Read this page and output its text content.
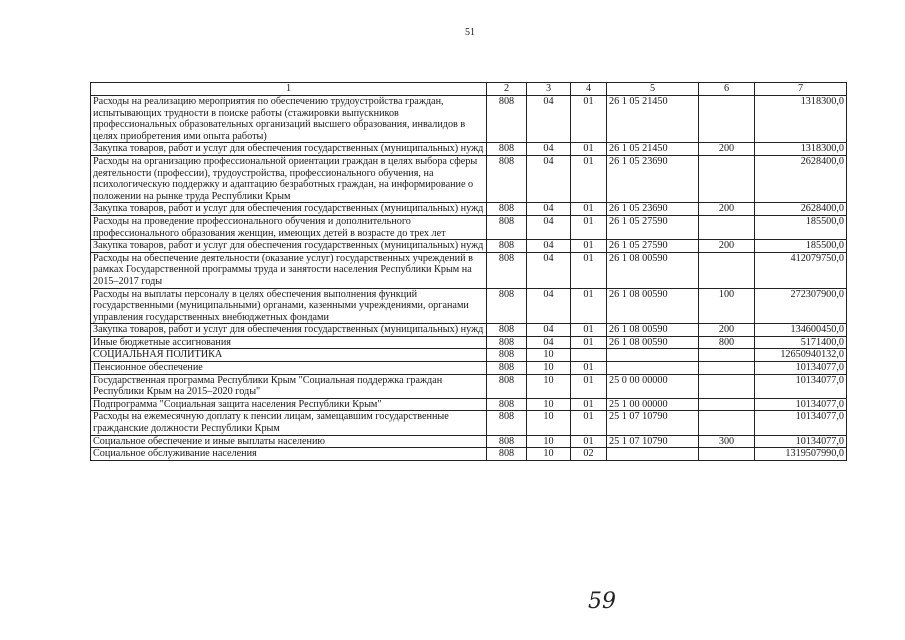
51
1	2	3	4	5	6	7
Расходы на реализацию мероприятия по обеспечению трудоустройства граждан, испытывающих трудности в поиске работы (стажировки выпускников профессиональных образовательных организаций высшего образования, инвалидов в целях приобретения ими опыта работы)	808	04	01	26 1 05 21450		1318300,0
Закупка товаров, работ и услуг для обеспечения государственных (муниципальных) нужд	808	04	01	26 1 05 21450	200	1318300,0
Расходы на организацию профессиональной ориентации граждан в целях выбора сферы деятельности (профессии), трудоустройства, профессионального обучения, на психологическую поддержку и адаптацию безработных граждан, на информирование о положении на рынке труда Республики Крым	808	04	01	26 1 05 23690		2628400,0
Закупка товаров, работ и услуг для обеспечения государственных (муниципальных) нужд	808	04	01	26 1 05 23690	200	2628400,0
Расходы на проведение профессионального обучения и дополнительного профессионального образования женщин, имеющих детей в возрасте до трех лет	808	04	01	26 1 05 27590		185500,0
Закупка товаров, работ и услуг для обеспечения государственных (муниципальных) нужд	808	04	01	26 1 05 27590	200	185500,0
Расходы на обеспечение деятельности (оказание услуг) государственных учреждений в рамках Государственной программы труда и занятости населения Республики Крым на 2015–2017 годы	808	04	01	26 1 08 00590		412079750,0
Расходы на выплаты персоналу в целях обеспечения выполнения функций государственными (муниципальными) органами, казенными учреждениями, органами управления государственных внебюджетных фондами	808	04	01	26 1 08 00590	100	272307900,0
Закупка товаров, работ и услуг для обеспечения государственных (муниципальных) нужд	808	04	01	26 1 08 00590	200	134600450,0
Иные бюджетные ассигнования	808	04	01	26 1 08 00590	800	5171400,0
СОЦИАЛЬНАЯ ПОЛИТИКА	808	10				12650940132,0
Пенсионное обеспечение	808	10	01			10134077,0
Государственная программа Республики Крым "Социальная поддержка граждан Республики Крым на 2015–2020 годы"	808	10	01	25 0 00 00000		10134077,0
Подпрограмма "Социальная защита населения Республики Крым"	808	10	01	25 1 00 00000		10134077,0
Расходы на ежемесячную доплату к пенсии лицам, замещавшим государственные гражданские должности Республики Крым	808	10	01	25 1 07 10790		10134077,0
Социальное обеспечение и иные выплаты населению	808	10	01	25 1 07 10790	300	10134077,0
Социальное обслуживание населения	808	10	02			1319507990,0
59
